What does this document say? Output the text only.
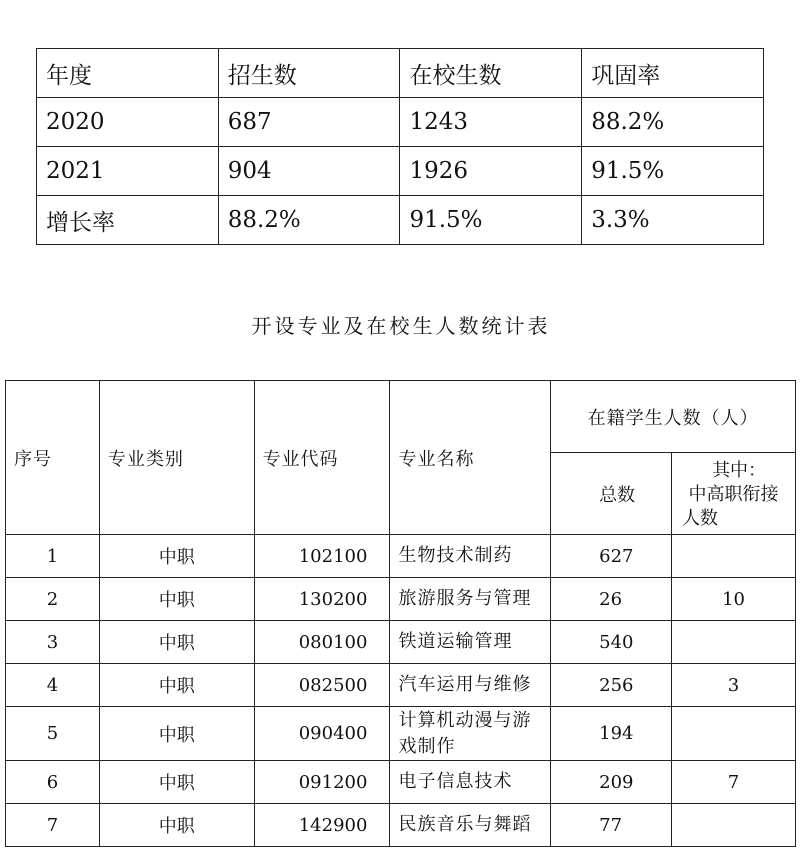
年度	招生数	在校生数	巩固率
2020	687	1243	88.2%
2021	904	1926	91.5%
增长率	88.2%	91.5%	3.3%
开设专业及在校生人数统计表
序号	专业类别	专业代码	专业名称	在籍学生人数（人）	
				总数	其中：
中高职衔接
人数

1	中职	102100	生物技术制药	627	
2	中职	130200	旅游服务与管理	26	10
3	中职	080100	铁道运输管理	540	
4	中职	082500	汽车运用与维修	256	3
5	中职	090400	计算机动漫与游
戏制作	194	
6	中职	091200	电子信息技术	209	7
7	中职	142900	民族音乐与舞蹈	77	
